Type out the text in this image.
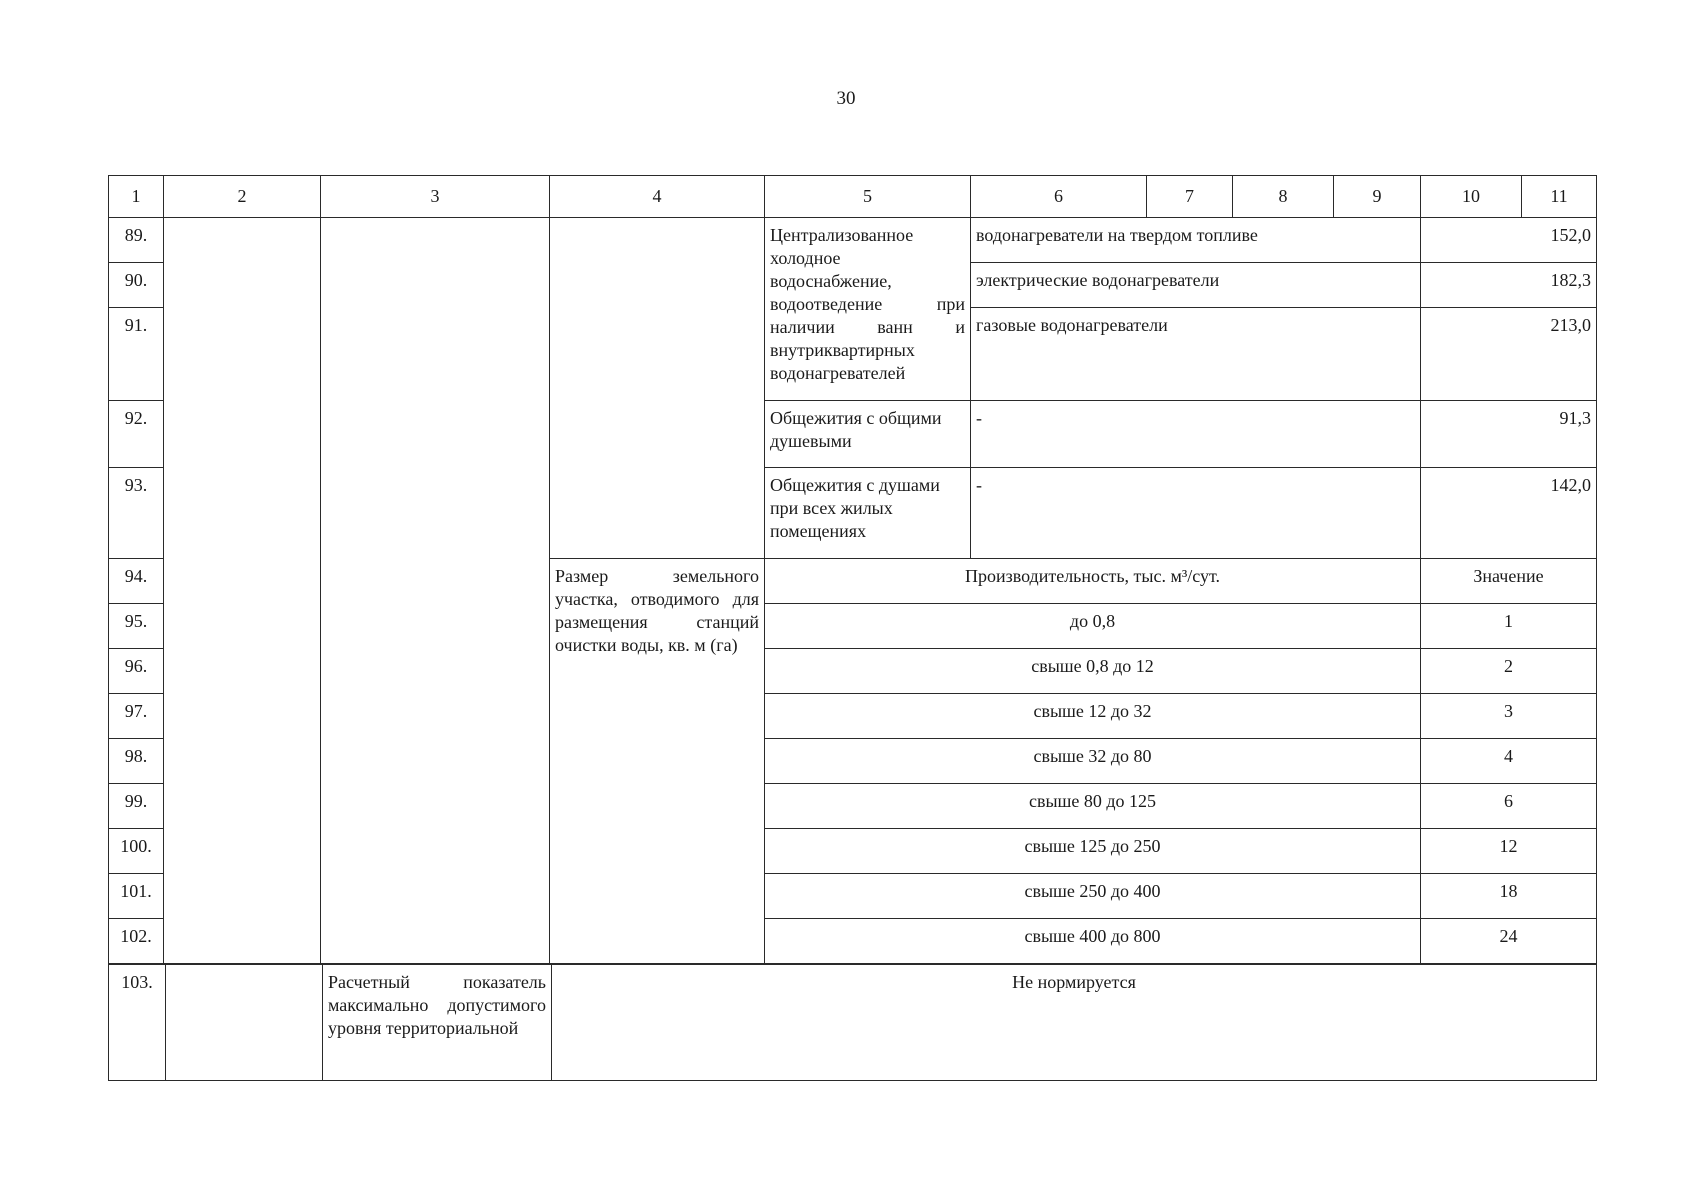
30
1	2	3	4	5	6	7	8	9	10	11
89.				Централизованное холодное водоснабжение, водоотведение при наличии ванн и внутриквартирных водонагревателей	водонагреватели на твердом топливе				152,0	
90.					электрические водонагреватели				182,3	
91.					газовые водонагреватели				213,0	
92.				Общежития с общими душевыми	-				91,3	
93.				Общежития с душами при всех жилых помещениях	-				142,0	
94.			Размер земельного участка, отводимого для размещения станций очистки воды, кв. м (га)	Производительность, тыс. м³/сут.					Значение	
95.				до 0,8					1	
96.				свыше 0,8 до 12					2	
97.				свыше 12 до 32					3	
98.				свыше 32 до 80					4	
99.				свыше 80 до 125					6	
100.				свыше 125 до 250					12	
101.				свыше 250 до 400					18	
102.				свыше 400 до 800					24	
103.		Расчетный показатель максимально допустимого уровня территориальной	Не нормируется
